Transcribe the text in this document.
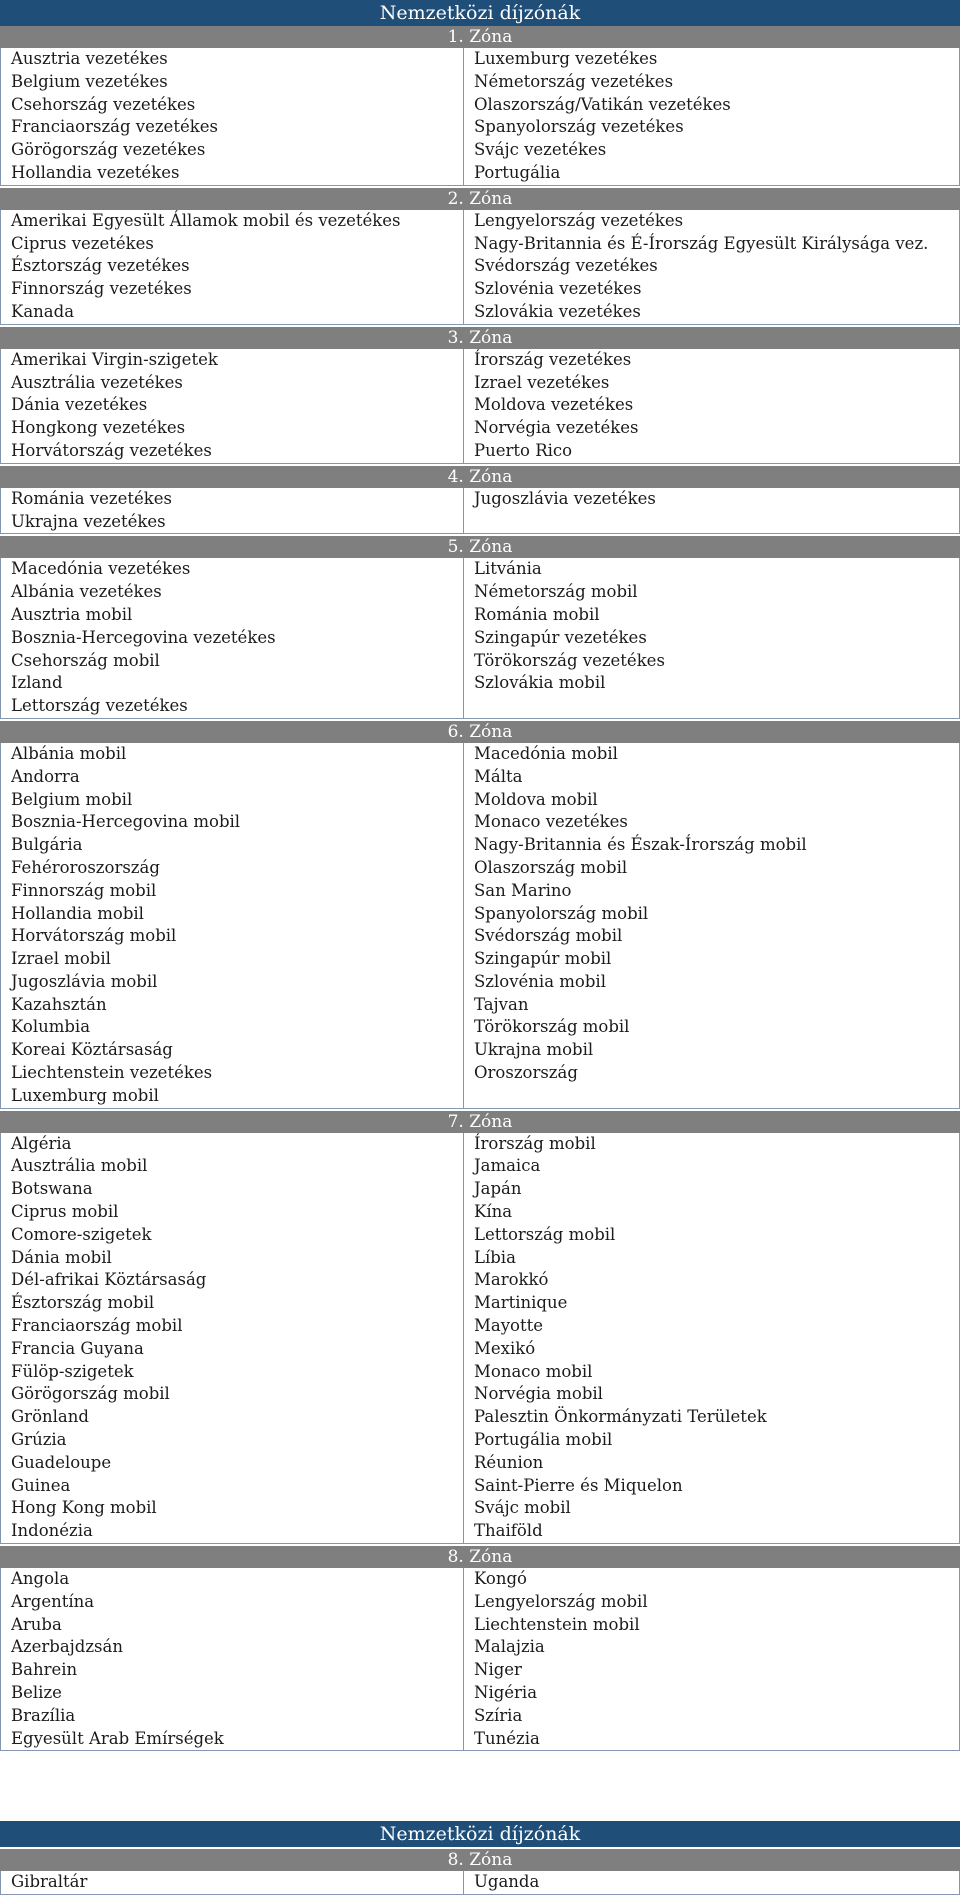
Nemzetközi díjzónák
1. Zóna
Ausztria vezetékes
Belgium vezetékes
Csehország vezetékes
Franciaország vezetékes
Görögország vezetékes
Hollandia vezetékes
Luxemburg vezetékes
Németország vezetékes
Olaszország/Vatikán vezetékes
Spanyolország vezetékes
Svájc vezetékes
Portugália
2. Zóna
Amerikai Egyesült Államok mobil és vezetékes
Ciprus vezetékes
Észtország vezetékes
Finnország vezetékes
Kanada
Lengyelország vezetékes
Nagy-Britannia és É-Írország Egyesült Királysága vez.
Svédország vezetékes
Szlovénia vezetékes
Szlovákia vezetékes
3. Zóna
Amerikai Virgin-szigetek
Ausztrália vezetékes
Dánia vezetékes
Hongkong vezetékes
Horvátország vezetékes
Írország vezetékes
Izrael vezetékes
Moldova vezetékes
Norvégia vezetékes
Puerto Rico
4. Zóna
Románia vezetékes
Ukrajna vezetékes
Jugoszlávia vezetékes
5. Zóna
Macedónia vezetékes
Albánia vezetékes
Ausztria mobil
Bosznia-Hercegovina vezetékes
Csehország mobil
Izland
Lettország vezetékes
Litvánia
Németország mobil
Románia mobil
Szingapúr vezetékes
Törökország vezetékes
Szlovákia mobil
6. Zóna
Albánia mobil
Andorra
Belgium mobil
Bosznia-Hercegovina mobil
Bulgária
Fehéroroszország
Finnország mobil
Hollandia mobil
Horvátország mobil
Izrael mobil
Jugoszlávia mobil
Kazahsztán
Kolumbia
Koreai Köztársaság
Liechtenstein vezetékes
Luxemburg mobil
Macedónia mobil
Málta
Moldova mobil
Monaco vezetékes
Nagy-Britannia és Észak-Írország mobil
Olaszország mobil
San Marino
Spanyolország mobil
Svédország mobil
Szingapúr mobil
Szlovénia mobil
Tajvan
Törökország mobil
Ukrajna mobil
Oroszország
7. Zóna
Algéria
Ausztrália mobil
Botswana
Ciprus mobil
Comore-szigetek
Dánia mobil
Dél-afrikai Köztársaság
Észtország mobil
Franciaország mobil
Francia Guyana
Fülöp-szigetek
Görögország mobil
Grönland
Grúzia
Guadeloupe
Guinea
Hong Kong mobil
Indonézia
Írország mobil
Jamaica
Japán
Kína
Lettország mobil
Líbia
Marokkó
Martinique
Mayotte
Mexikó
Monaco mobil
Norvégia mobil
Palesztin Önkormányzati Területek
Portugália mobil
Réunion
Saint-Pierre és Miquelon
Svájc mobil
Thaiföld
8. Zóna
Angola
Argentína
Aruba
Azerbajdzsán
Bahrein
Belize
Brazília
Egyesült Arab Emírségek
Kongó
Lengyelország mobil
Liechtenstein mobil
Malajzia
Niger
Nigéria
Szíria
Tunézia
Nemzetközi díjzónák
8. Zóna
Gibraltár	Uganda
